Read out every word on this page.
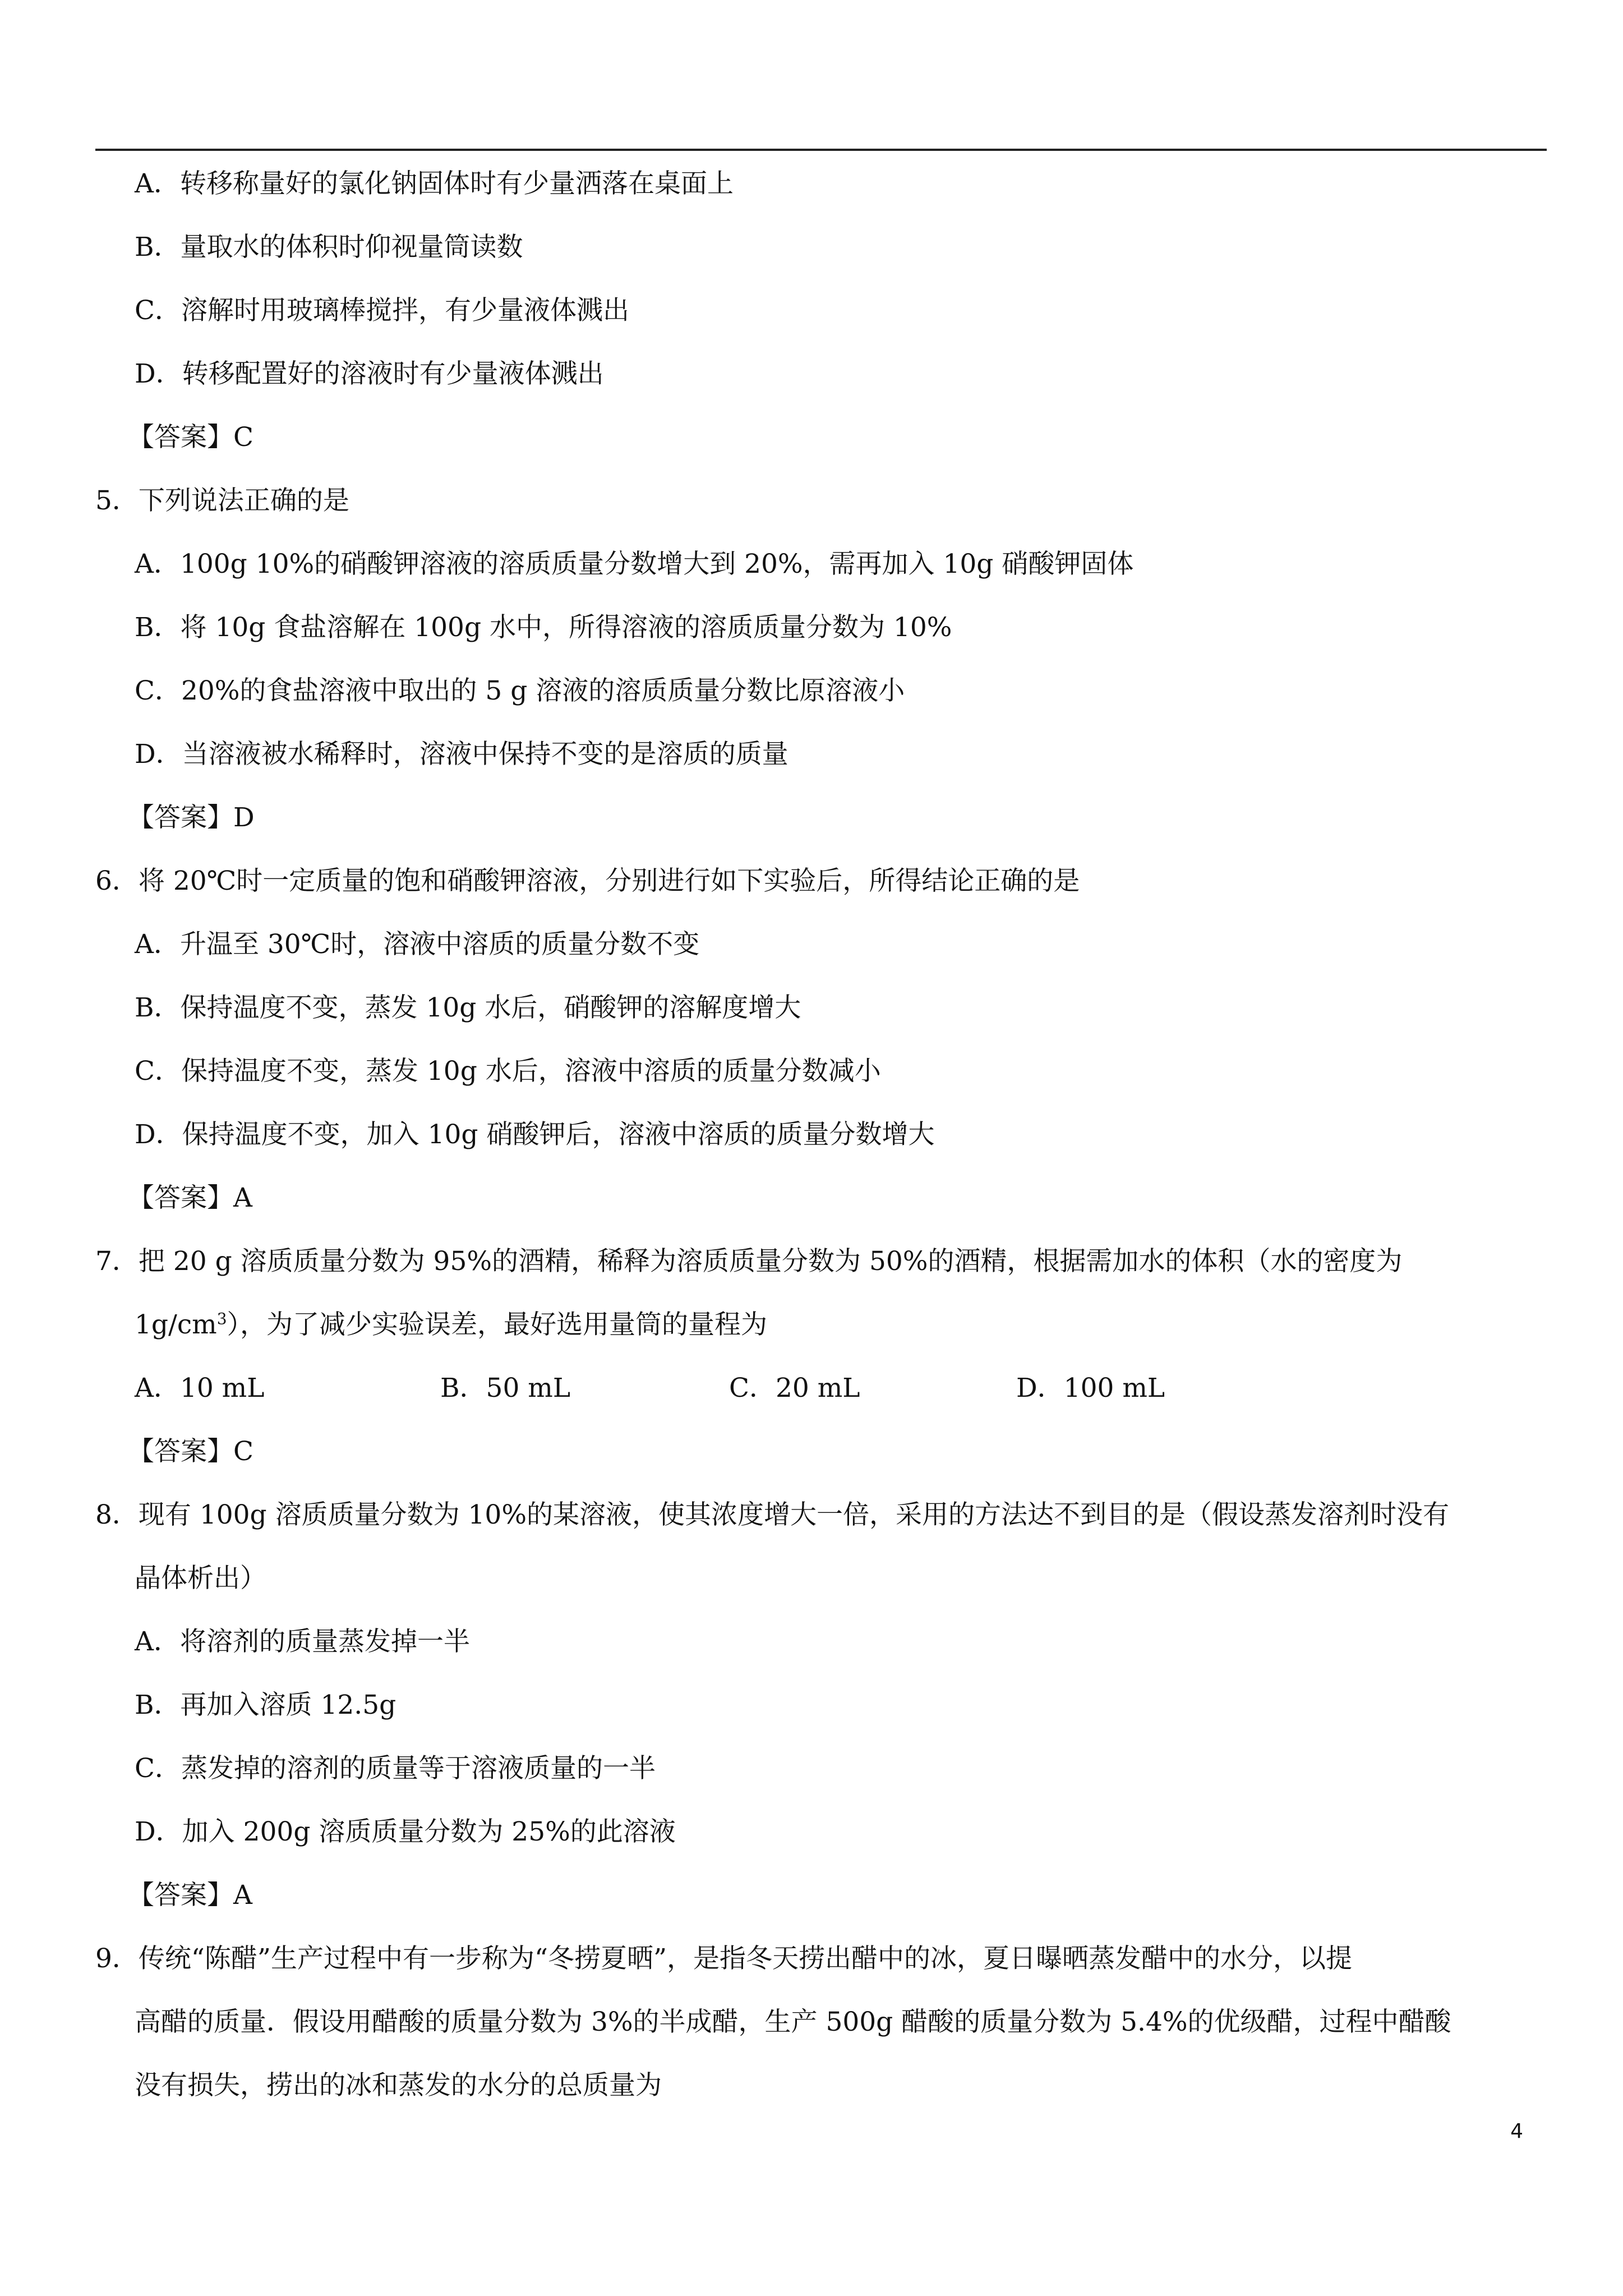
A．转移称量好的氯化钠固体时有少量洒落在桌面上
B．量取水的体积时仰视量筒读数
C．溶解时用玻璃棒搅拌，有少量液体溅出
D．转移配置好的溶液时有少量液体溅出
【答案】C
5．下列说法正确的是
A．100g 10%的硝酸钾溶液的溶质质量分数增大到 20%，需再加入 10g 硝酸钾固体
B．将 10g 食盐溶解在 100g 水中，所得溶液的溶质质量分数为 10%
C．20%的食盐溶液中取出的 5 g 溶液的溶质质量分数比原溶液小
D．当溶液被水稀释时，溶液中保持不变的是溶质的质量
【答案】D
6．将 20℃时一定质量的饱和硝酸钾溶液，分别进行如下实验后，所得结论正确的是
A．升温至 30℃时，溶液中溶质的质量分数不变
B．保持温度不变，蒸发 10g 水后，硝酸钾的溶解度增大
C．保持温度不变，蒸发 10g 水后，溶液中溶质的质量分数减小
D．保持温度不变，加入 10g 硝酸钾后，溶液中溶质的质量分数增大
【答案】A
7．把 20 g 溶质质量分数为 95%的酒精，稀释为溶质质量分数为 50%的酒精，根据需加水的体积（水的密度为
$1g/cm^3$），为了减少实验误差，最好选用量筒的量程为
A．10 mL	B．50 mL	C．20 mL	D．100 mL
【答案】C
8．现有 100g 溶质质量分数为 10%的某溶液，使其浓度增大一倍，采用的方法达不到目的是（假设蒸发溶剂时没有
晶体析出）
A．将溶剂的质量蒸发掉一半
B．再加入溶质 12.5g
C．蒸发掉的溶剂的质量等于溶液质量的一半
D．加入 200g 溶质质量分数为 25%的此溶液
【答案】A
9．传统“陈醋”生产过程中有一步称为“冬捞夏晒”，是指冬天捞出醋中的冰，夏日曝晒蒸发醋中的水分，以提
高醋的质量．假设用醋酸的质量分数为 3%的半成醋，生产 500g 醋酸的质量分数为 5.4%的优级醋，过程中醋酸
没有损失，捞出的冰和蒸发的水分的总质量为
4
